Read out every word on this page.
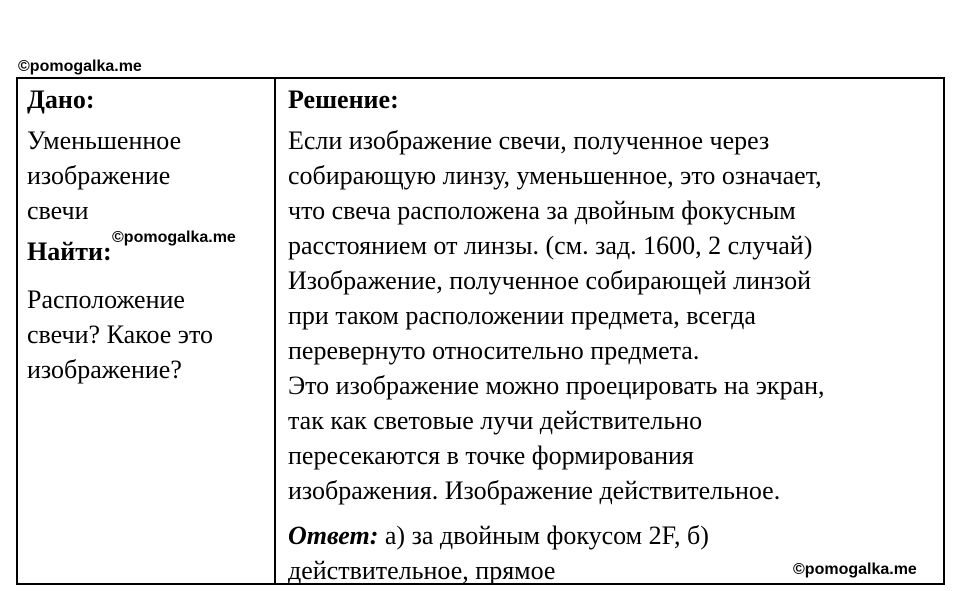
©pomogalka.me
Дано:
Уменьшенное
изображение
свечи
Найти:
Расположение
свечи? Какое это
изображение?
Решение:
Если изображение свечи, полученное через
собирающую линзу, уменьшенное, это означает,
что свеча расположена за двойным фокусным
расстоянием от линзы. (см. зад. 1600, 2 случай)
Изображение, полученное собирающей линзой
при таком расположении предмета, всегда
перевернуто относительно предмета.
Это изображение можно проецировать на экран,
так как световые лучи действительно
пересекаются в точке формирования
изображения. Изображение действительное.
Ответ: а) за двойным фокусом 2F, б)
действительное, прямое
©pomogalka.me
©pomogalka.me
